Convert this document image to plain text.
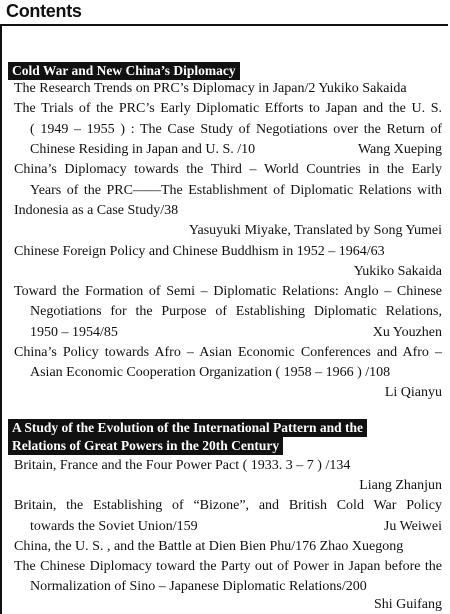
Contents
Cold War and New China’s Diplomacy
The Research Trends on PRC’s Diplomacy in Japan/2 Yukiko Sakaida
The Trials of the PRC’s Early Diplomatic Efforts to Japan and the U. S.
( 1949 – 1955 ) : The Case Study of Negotiations over the Return of
Chinese Residing in Japan and U. S. /10	Wang Xueping
China’s Diplomacy towards the Third – World Countries in the Early
Years of the PRC——The Establishment of Diplomatic Relations with
Indonesia as a Case Study/38
Yasuyuki Miyake, Translated by Song Yumei
Chinese Foreign Policy and Chinese Buddhism in 1952 – 1964/63
Yukiko Sakaida
Toward the Formation of Semi – Diplomatic Relations: Anglo – Chinese
Negotiations for the Purpose of Establishing Diplomatic Relations,
1950 – 1954/85	Xu Youzhen
China’s Policy towards Afro – Asian Economic Conferences and Afro –
Asian Economic Cooperation Organization ( 1958 – 1966 ) /108
Li Qianyu
A Study of the Evolution of the International Pattern and the
Relations of Great Powers in the 20th Century
Britain, France and the Four Power Pact ( 1933. 3 – 7 ) /134
Liang Zhanjun
Britain, the Establishing of “Bizone”, and British Cold War Policy
towards the Soviet Union/159	Ju Weiwei
China, the U. S. , and the Battle at Dien Bien Phu/176 Zhao Xuegong
The Chinese Diplomacy toward the Party out of Power in Japan before the
Normalization of Sino – Japanese Diplomatic Relations/200
Shi Guifang
